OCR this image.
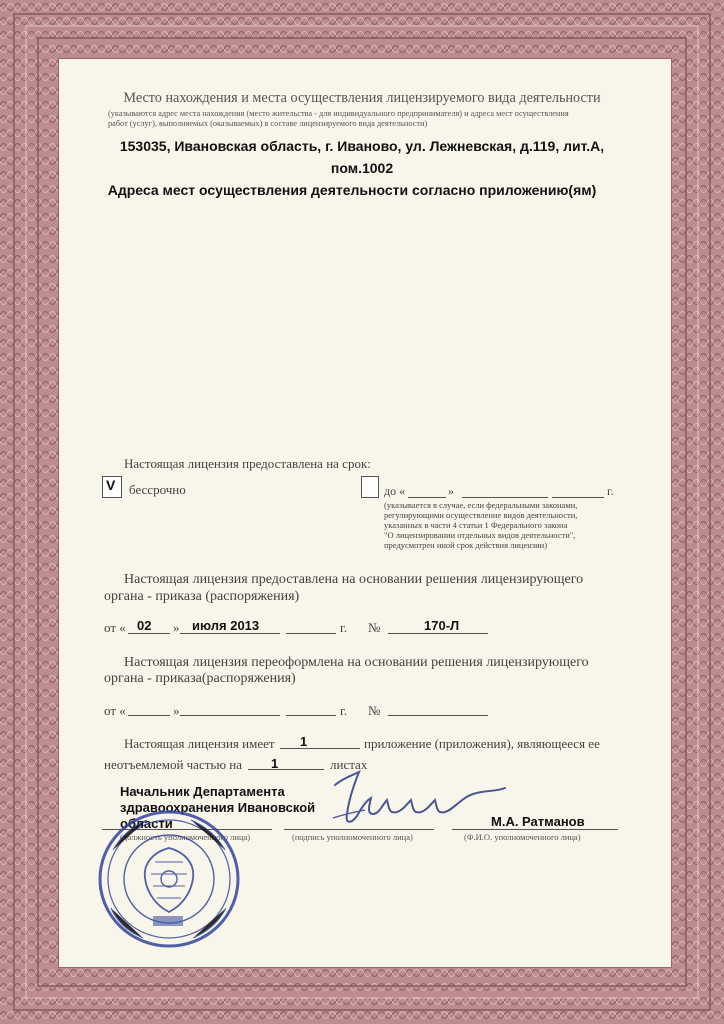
Место нахождения и места осуществления лицензируемого вида деятельности
(указываются адрес места нахождения (место жительства - для индивидуального предпринимателя) и адреса мест осуществления
работ (услуг), выполняемых (оказываемых) в составе лицензируемого вида деятельности)
153035, Ивановская область, г. Иваново, ул. Лежневская, д.119, лит.А,
пом.1002
Адреса мест осуществления деятельности согласно приложению(ям)
Настоящая лицензия предоставлена на срок:
V бессрочно	до «	»	г.
(указывается в случае, если федеральными законами,
регулирующими осуществление видов деятельности,
указанных в части 4 статьи 1 Федерального закона
"О лицензировании отдельных видов деятельности",
предусмотрен иной срок действия лицензии)
Настоящая лицензия предоставлена на основании решения лицензирующего
органа - приказа (распоряжения)
от « 02 » июля 2013	г. №	170-Л
Настоящая лицензия переоформлена на основании решения лицензирующего
органа - приказа(распоряжения)
от «	»	г. №
Настоящая лицензия имеет 1	приложение (приложения), являющееся ее
неотъемлемой частью на 1	листах
Начальник Департамента
здравоохранения Ивановской
области	М.А. Ратманов
(должность уполномоченного лица)	(подпись уполномоченного лица)	(Ф.И.О. уполномоченного лица)
